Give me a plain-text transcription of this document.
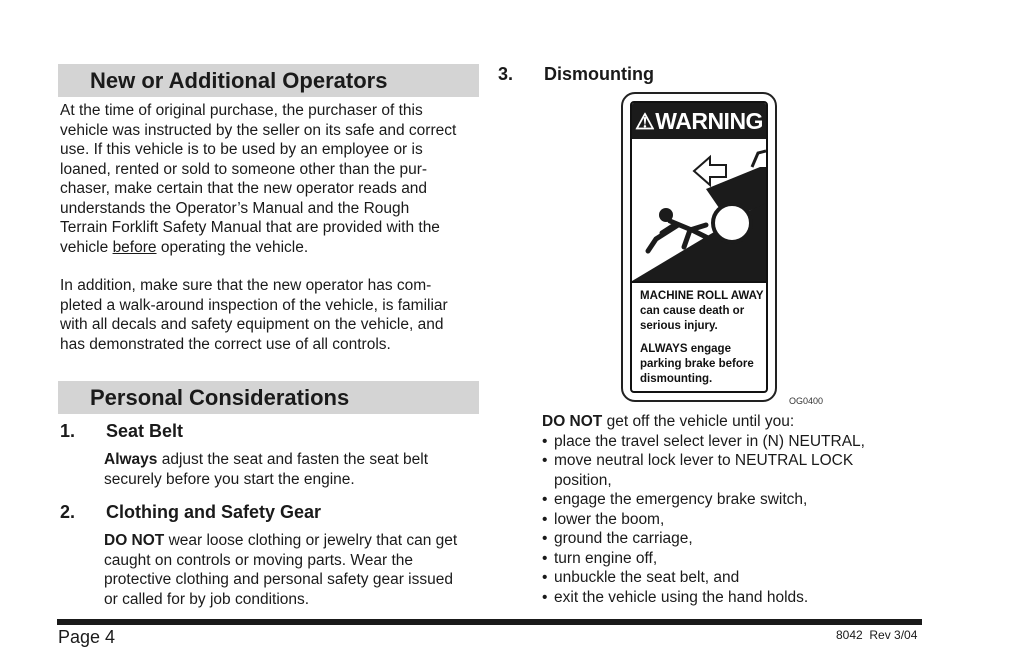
New or Additional Operators
At the time of original purchase, the purchaser of this
vehicle was instructed by the seller on its safe and correct
use. If this vehicle is to be used by an employee or is
loaned, rented or sold to someone other than the pur-
chaser, make certain that the new operator reads and
understands the Operator’s Manual and the Rough
Terrain Forklift Safety Manual that are provided with the
vehicle before operating the vehicle.
In addition, make sure that the new operator has com-
pleted a walk-around inspection of the vehicle, is familiar
with all decals and safety equipment on the vehicle, and
has demonstrated the correct use of all controls.
Personal Considerations
1. Seat Belt
Always adjust the seat and fasten the seat belt
securely before you start the engine.
2. Clothing and Safety Gear
DO NOT wear loose clothing or jewelry that can get
caught on controls or moving parts. Wear the
protective clothing and personal safety gear issued
or called for by job conditions.
3. Dismounting
⚠WARNING
MACHINE ROLL AWAY
can cause death or
serious injury.
ALWAYS engage
parking brake before
dismounting.
OG0400
DO NOT get off the vehicle until you:
• place the travel select lever in (N) NEUTRAL,
• move neutral lock lever to NEUTRAL LOCK
position,
• engage the emergency brake switch,
• lower the boom,
• ground the carriage,
• turn engine off,
• unbuckle the seat belt, and
• exit the vehicle using the hand holds.
Page 4	8042  Rev 3/04
